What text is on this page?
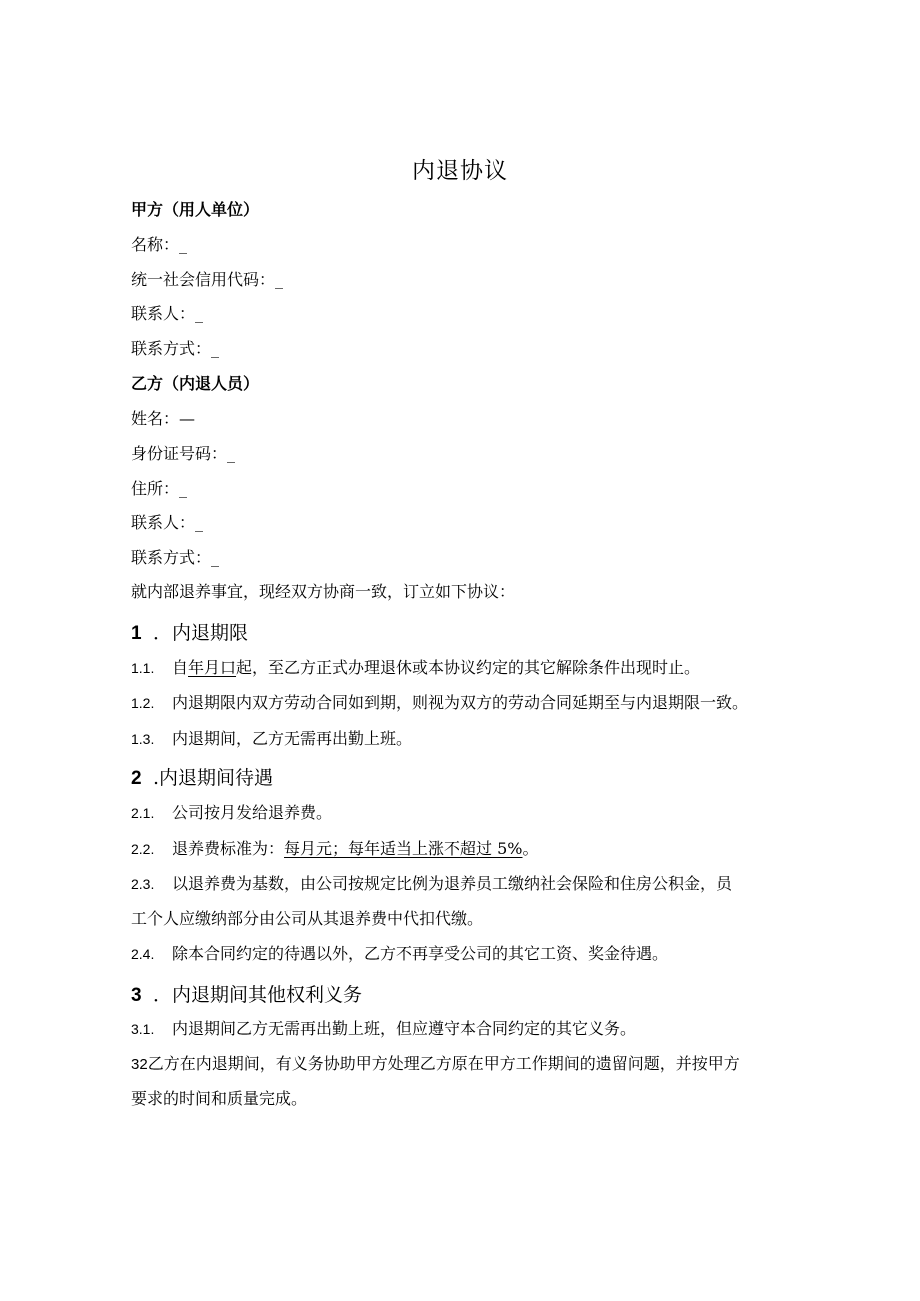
内退协议
甲方（用人单位）
名称：_
统一社会信用代码：_
联系人：_
联系方式：_
乙方（内退人员）
姓名：—
身份证号码：_
住所：_
联系人：_
联系方式：_
就内部退养事宜，现经双方协商一致，订立如下协议：
1 ．内退期限
1.1. 自年月口起，至乙方正式办理退休或本协议约定的其它解除条件出现时止。
1.2. 内退期限内双方劳动合同如到期，则视为双方的劳动合同延期至与内退期限一致。
1.3. 内退期间，乙方无需再出勤上班。
2 .内退期间待遇
2.1. 公司按月发给退养费。
2.2. 退养费标准为：每月元；每年适当上涨不超过 5%。
2.3. 以退养费为基数，由公司按规定比例为退养员工缴纳社会保险和住房公积金，员
工个人应缴纳部分由公司从其退养费中代扣代缴。
2.4. 除本合同约定的待遇以外，乙方不再享受公司的其它工资、奖金待遇。
3 ．内退期间其他权利义务
3.1. 内退期间乙方无需再出勤上班，但应遵守本合同约定的其它义务。
32乙方在内退期间，有义务协助甲方处理乙方原在甲方工作期间的遗留问题，并按甲方
要求的时间和质量完成。
